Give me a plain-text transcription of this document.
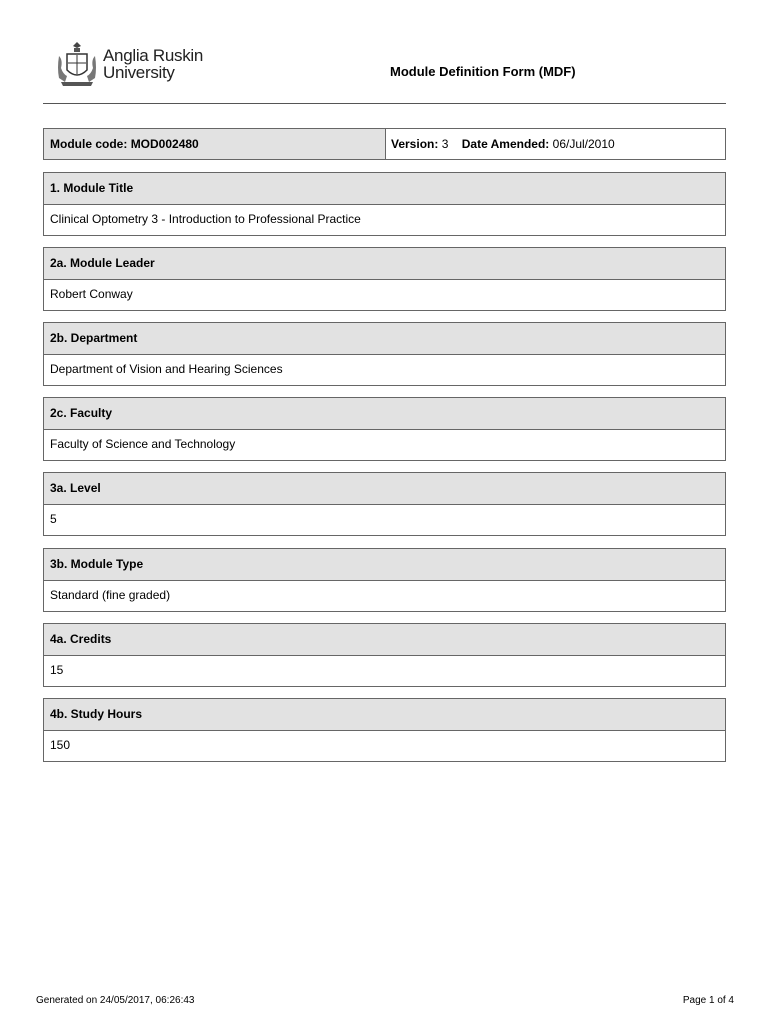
Anglia Ruskin
University	Module Definition Form (MDF)
Module code: MOD002480	Version: 3 Date Amended: 06/Jul/2010
1. Module Title
Clinical Optometry 3 - Introduction to Professional Practice
2a. Module Leader
Robert Conway
2b. Department
Department of Vision and Hearing Sciences
2c. Faculty
Faculty of Science and Technology
3a. Level
5
3b. Module Type
Standard (fine graded)
4a. Credits
15
4b. Study Hours
150
Generated on 24/05/2017, 06:26:43	Page 1 of 4
